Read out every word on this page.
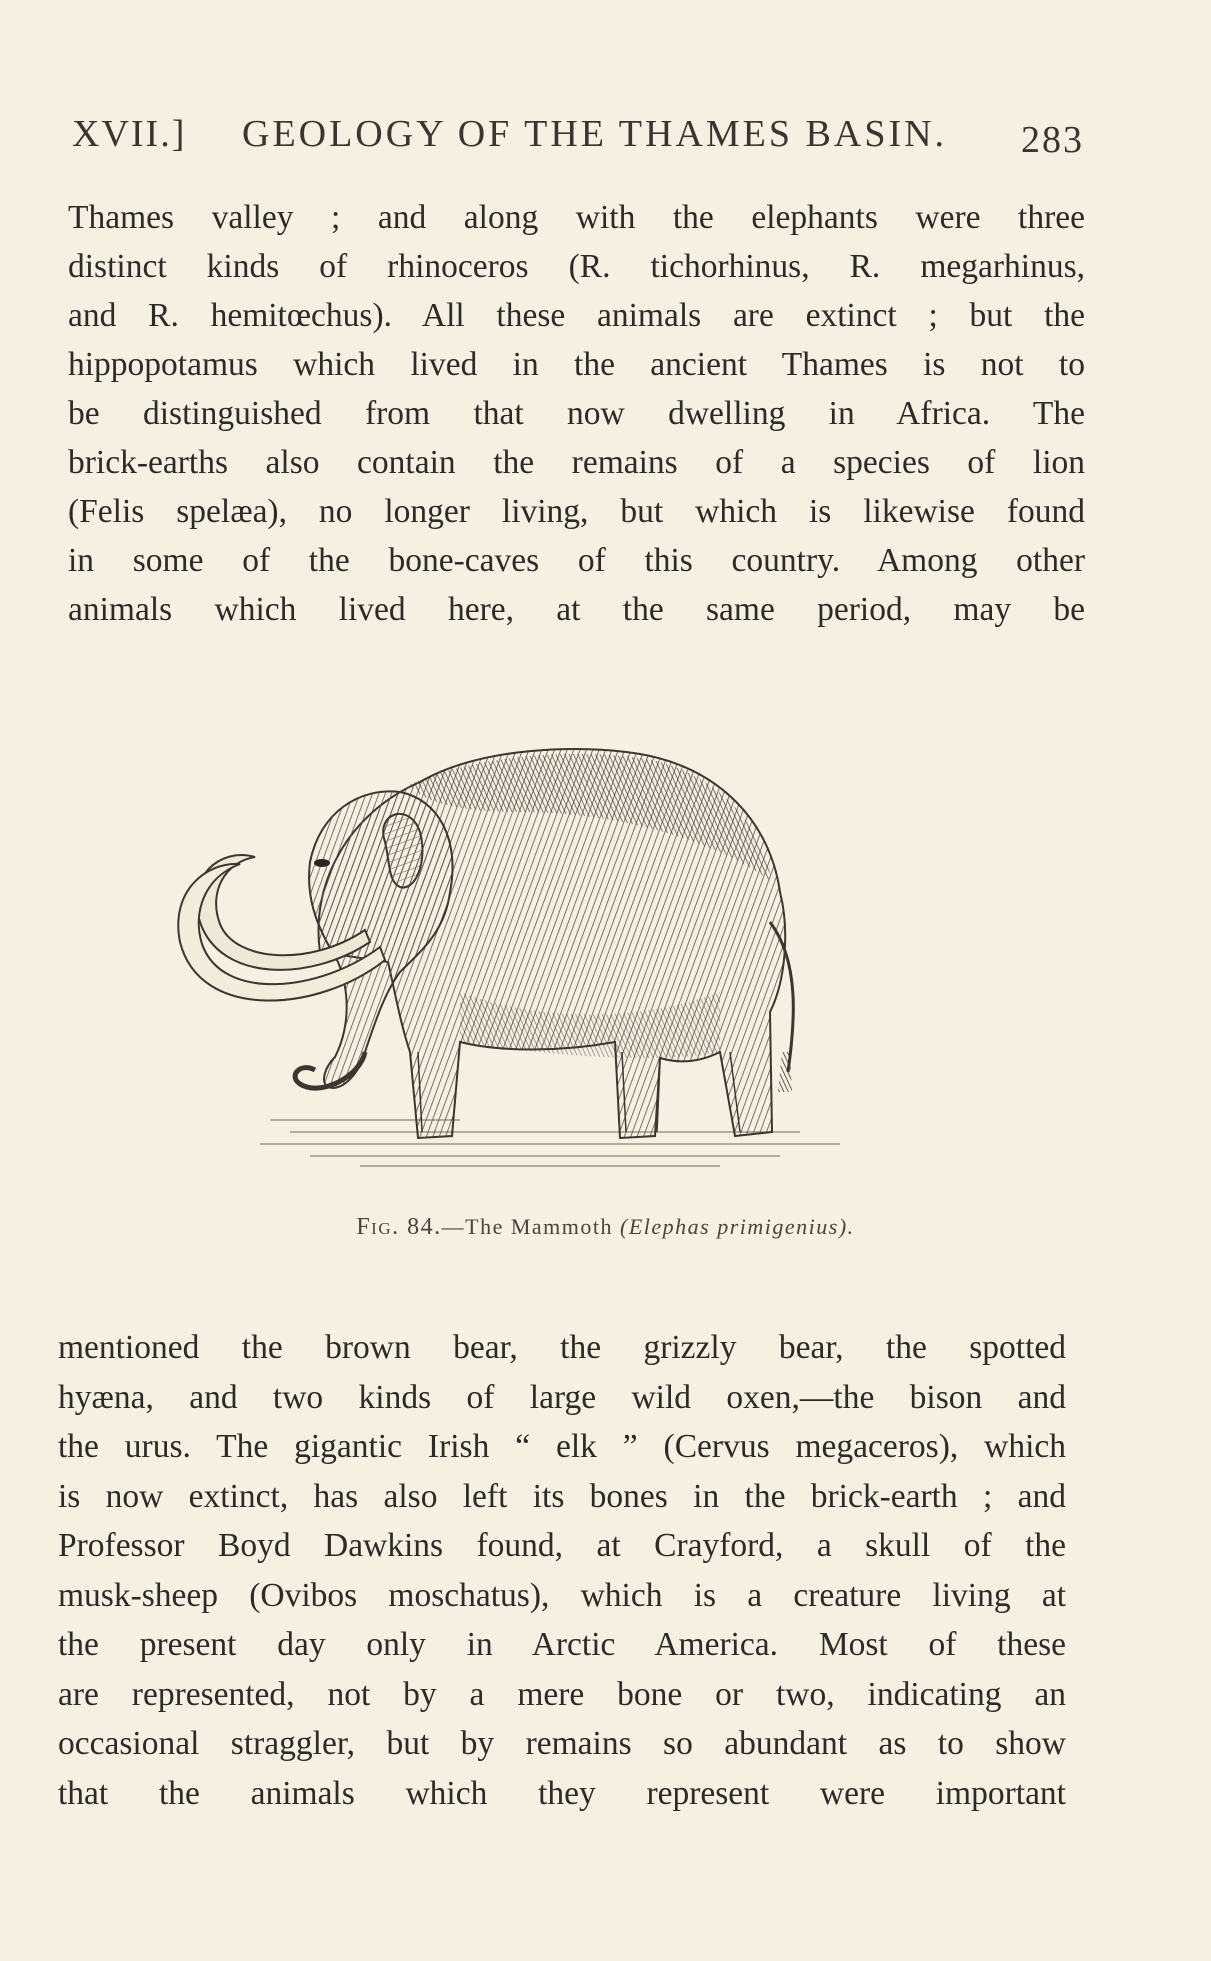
XVII.] GEOLOGY OF THE THAMES BASIN. 283
Thames valley ; and along with the elephants were three
distinct kinds of rhinoceros (R. tichorhinus, R. megarhinus,
and R. hemitœchus). All these animals are extinct ; but the
hippopotamus which lived in the ancient Thames is not to
be distinguished from that now dwelling in Africa. The
brick-earths also contain the remains of a species of lion
(Felis spelæa), no longer living, but which is likewise found
in some of the bone-caves of this country. Among other
animals which lived here, at the same period, may be
Fig. 84.—The Mammoth (Elephas primigenius).
mentioned the brown bear, the grizzly bear, the spotted
hyæna, and two kinds of large wild oxen,—the bison and
the urus. The gigantic Irish “ elk ” (Cervus megaceros), which
is now extinct, has also left its bones in the brick-earth ; and
Professor Boyd Dawkins found, at Crayford, a skull of the
musk-sheep (Ovibos moschatus), which is a creature living at
the present day only in Arctic America. Most of these
are represented, not by a mere bone or two, indicating an
occasional straggler, but by remains so abundant as to show
that the animals which they represent were important
